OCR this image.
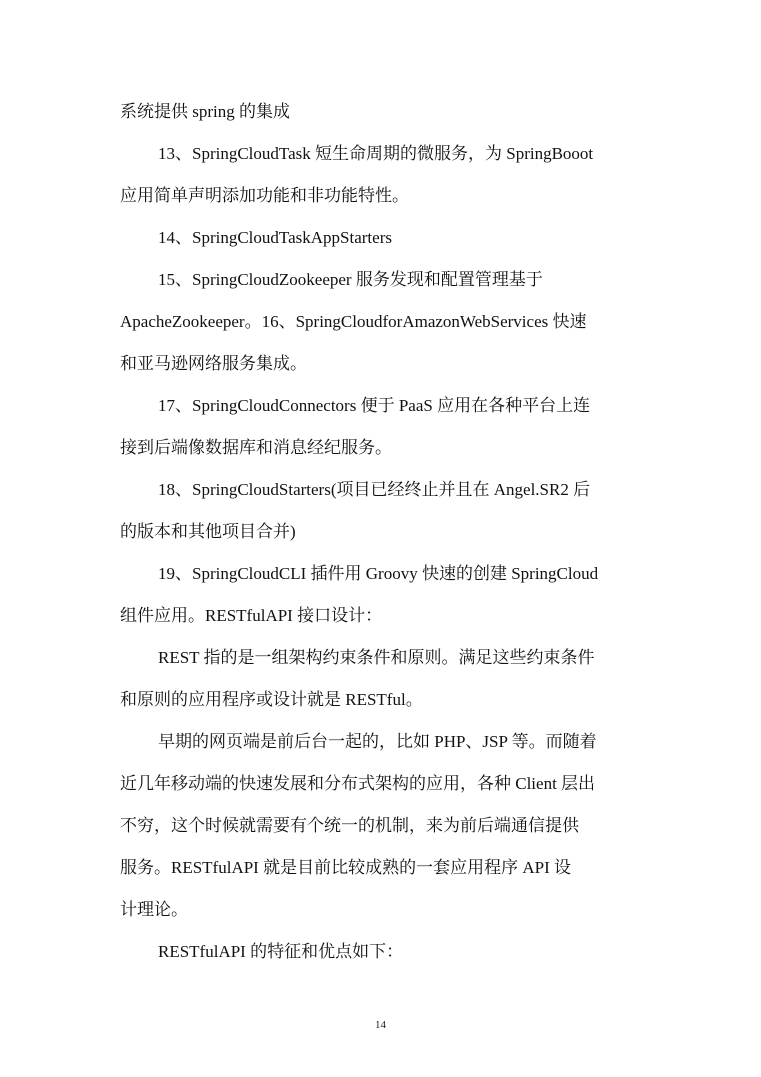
系统提供 spring 的集成
13、SpringCloudTask 短生命周期的微服务，为 SpringBooot
应用简单声明添加功能和非功能特性。
14、SpringCloudTaskAppStarters
15、SpringCloudZookeeper 服务发现和配置管理基于
ApacheZookeeper。16、SpringCloudforAmazonWebServices 快速
和亚马逊网络服务集成。
17、SpringCloudConnectors 便于 PaaS 应用在各种平台上连
接到后端像数据库和消息经纪服务。
18、SpringCloudStarters(项目已经终止并且在 Angel.SR2 后
的版本和其他项目合并)
19、SpringCloudCLI 插件用 Groovy 快速的创建 SpringCloud
组件应用。RESTfulAPI 接口设计：
REST 指的是一组架构约束条件和原则。满足这些约束条件
和原则的应用程序或设计就是 RESTful。
早期的网页端是前后台一起的，比如 PHP、JSP 等。而随着
近几年移动端的快速发展和分布式架构的应用，各种 Client 层出
不穷，这个时候就需要有个统一的机制，来为前后端通信提供
服务。RESTfulAPI 就是目前比较成熟的一套应用程序 API 设
计理论。
RESTfulAPI 的特征和优点如下：
14
